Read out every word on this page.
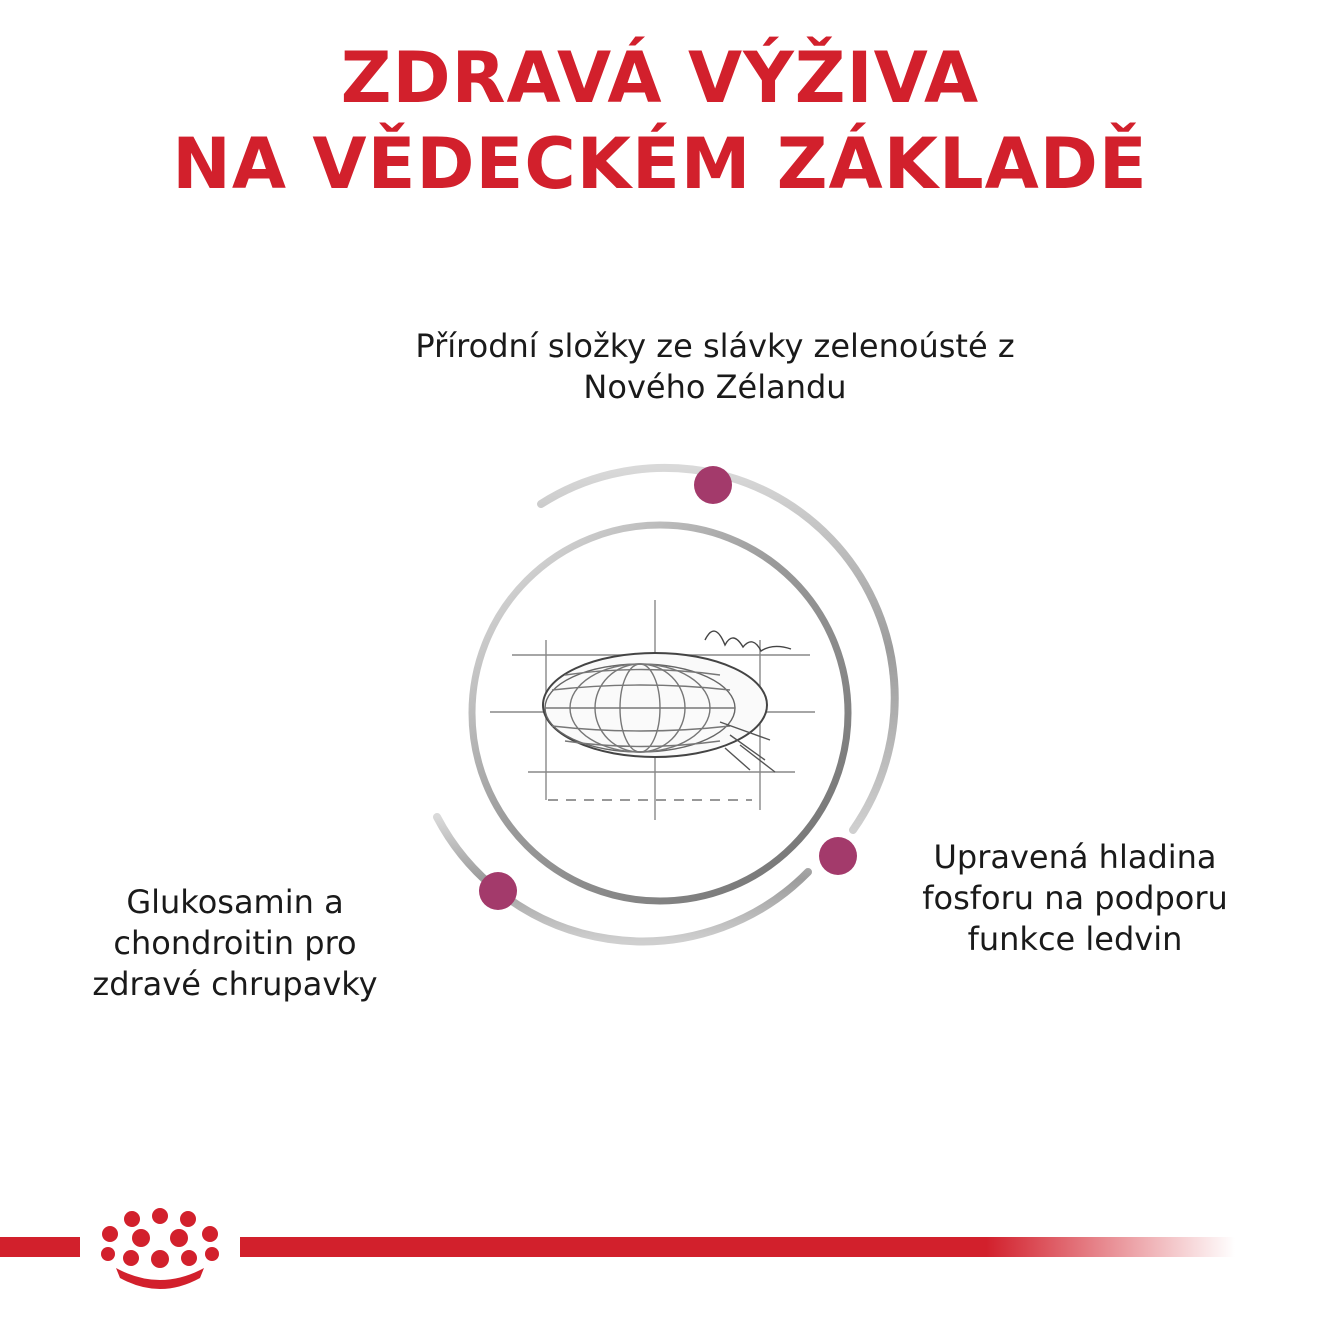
ZDRAVÁ VÝŽIVA
NA VĚDECKÉM ZÁKLADĚ
Přírodní složky ze slávky zelenoústé z
Nového Zélandu
Upravená hladina
fosforu na podporu
funkce ledvin
Glukosamin a
chondroitin pro
zdravé chrupavky
